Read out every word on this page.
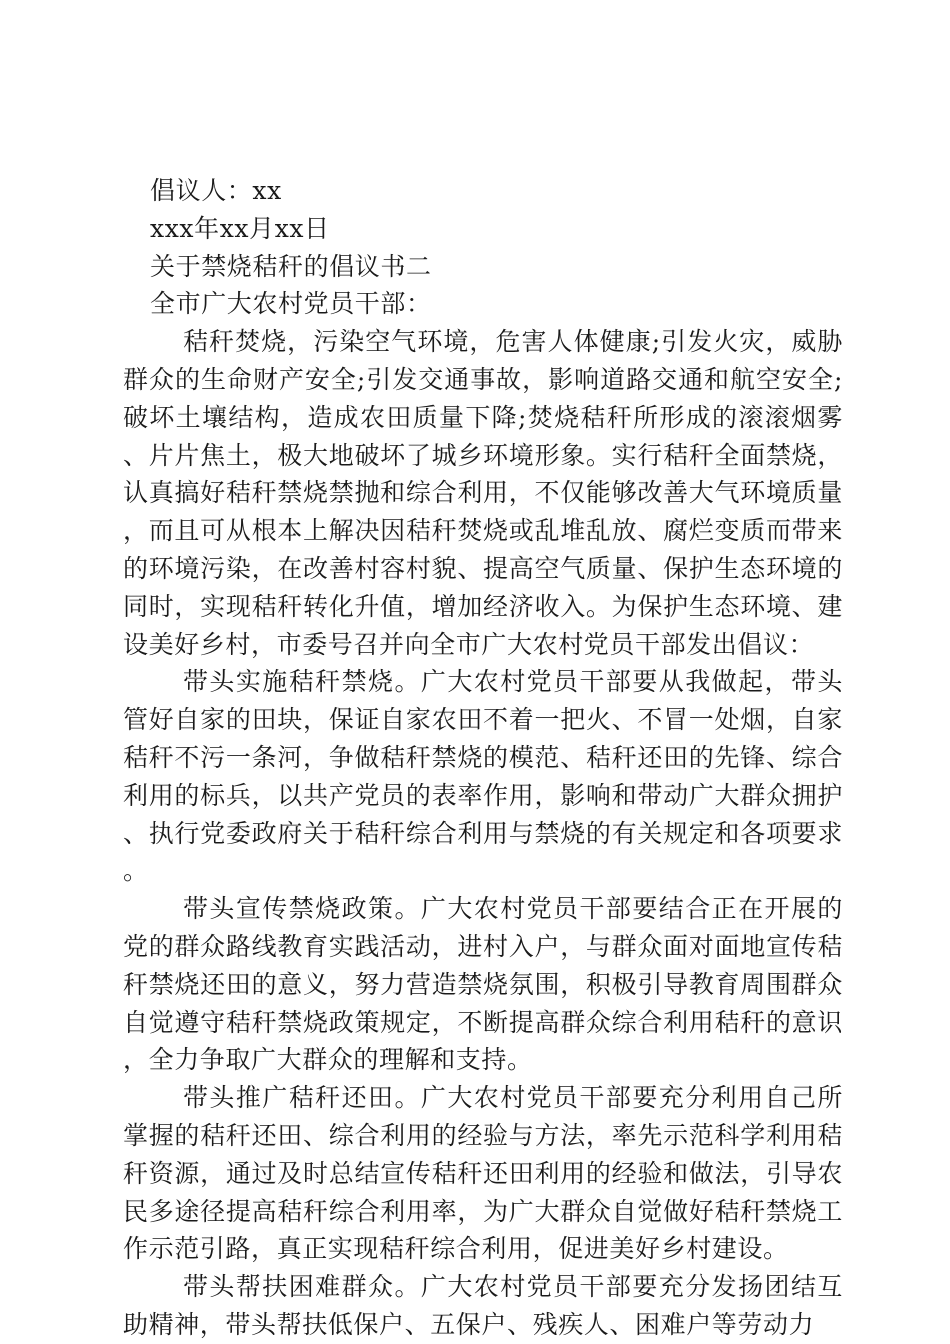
倡议人：xx

xxx年xx月xx日

关于禁烧秸秆的倡议书二

全市广大农村党员干部：

秸秆焚烧，污染空气环境，危害人体健康;引发火灾，威胁群众的生命财产安全;引发交通事故，影响道路交通和航空安全;破坏土壤结构，造成农田质量下降;焚烧秸秆所形成的滚滚烟雾、片片焦土，极大地破坏了城乡环境形象。实行秸秆全面禁烧，认真搞好秸秆禁烧禁抛和综合利用，不仅能够改善大气环境质量，而且可从根本上解决因秸秆焚烧或乱堆乱放、腐烂变质而带来的环境污染，在改善村容村貌、提高空气质量、保护生态环境的同时，实现秸秆转化升值，增加经济收入。为保护生态环境、建设美好乡村，市委号召并向全市广大农村党员干部发出倡议：

带头实施秸秆禁烧。广大农村党员干部要从我做起，带头管好自家的田块，保证自家农田不着一把火、不冒一处烟，自家秸秆不污一条河，争做秸秆禁烧的模范、秸秆还田的先锋、综合利用的标兵，以共产党员的表率作用，影响和带动广大群众拥护、执行党委政府关于秸秆综合利用与禁烧的有关规定和各项要求。

带头宣传禁烧政策。广大农村党员干部要结合正在开展的党的群众路线教育实践活动，进村入户，与群众面对面地宣传秸秆禁烧还田的意义，努力营造禁烧氛围，积极引导教育周围群众自觉遵守秸秆禁烧政策规定，不断提高群众综合利用秸秆的意识，全力争取广大群众的理解和支持。

带头推广秸秆还田。广大农村党员干部要充分利用自己所掌握的秸秆还田、综合利用的经验与方法，率先示范科学利用秸秆资源，通过及时总结宣传秸秆还田利用的经验和做法，引导农民多途径提高秸秆综合利用率，为广大群众自觉做好秸秆禁烧工作示范引路，真正实现秸秆综合利用，促进美好乡村建设。

带头帮扶困难群众。广大农村党员干部要充分发扬团结互助精神，带头帮扶低保户、五保户、残疾人、困难户等劳动力
